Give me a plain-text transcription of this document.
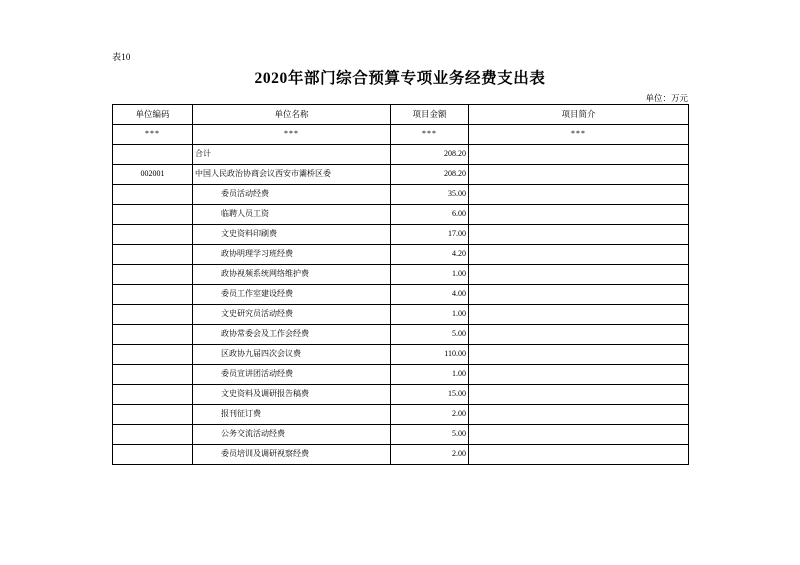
表10
2020年部门综合预算专项业务经费支出表
单位：万元
单位编码	单位名称	项目金额	项目简介
***	***	***	***
	合计	208.20	
002001	中国人民政治协商会议西安市灞桥区委	208.20	
	委员活动经费	35.00	
	临聘人员工资	6.00	
	文史资料印刷费	17.00	
	政协明理学习班经费	4.20	
	政协视频系统网络维护费	1.00	
	委员工作室建设经费	4.00	
	文史研究员活动经费	1.00	
	政协常委会及工作会经费	5.00	
	区政协九届四次会议费	110.00	
	委员宣讲团活动经费	1.00	
	文史资料及调研报告稿费	15.00	
	报刊征订费	2.00	
	公务交流活动经费	5.00	
	委员培训及调研视察经费	2.00	
